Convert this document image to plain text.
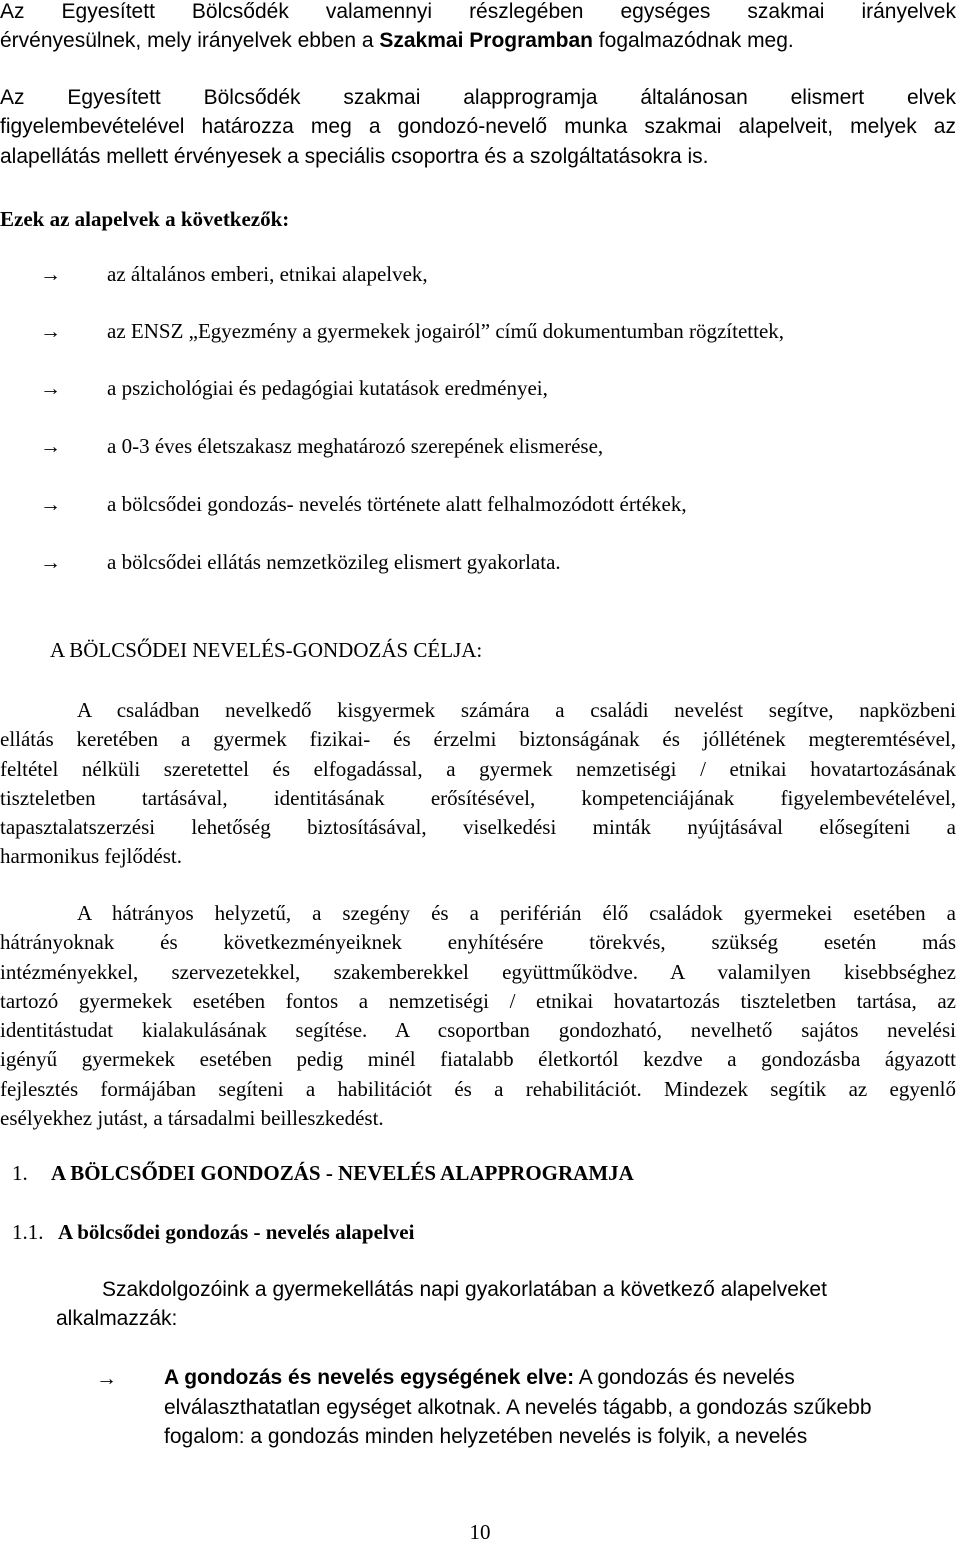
Az Egyesített Bölcsődék valamennyi részlegében egységes szakmai irányelvek
érvényesülnek, mely irányelvek ebben a Szakmai Programban fogalmazódnak meg.
Az Egyesített Bölcsődék szakmai alapprogramja általánosan elismert elvek
figyelembevételével határozza meg a gondozó-nevelő munka szakmai alapelveit, melyek az
alapellátás mellett érvényesek a speciális csoportra és a szolgáltatásokra is.
Ezek az alapelvek a következők:
→ az általános emberi, etnikai alapelvek,
→ az ENSZ „Egyezmény a gyermekek jogairól” című dokumentumban rögzítettek,
→ a pszichológiai és pedagógiai kutatások eredményei,
→ a 0-3 éves életszakasz meghatározó szerepének elismerése,
→ a bölcsődei gondozás- nevelés története alatt felhalmozódott értékek,
→ a bölcsődei ellátás nemzetközileg elismert gyakorlata.
A BÖLCSŐDEI NEVELÉS-GONDOZÁS CÉLJA:
A családban nevelkedő kisgyermek számára a családi nevelést segítve, napközbeni
ellátás keretében a gyermek fizikai- és érzelmi biztonságának és jóllétének megteremtésével,
feltétel nélküli szeretettel és elfogadással, a gyermek nemzetiségi / etnikai hovatartozásának
tiszteletben tartásával, identitásának erősítésével, kompetenciájának figyelembevételével,
tapasztalatszerzési lehetőség biztosításával, viselkedési minták nyújtásával elősegíteni a
harmonikus fejlődést.
A hátrányos helyzetű, a szegény és a periférián élő családok gyermekei esetében a
hátrányoknak és következményeiknek enyhítésére törekvés, szükség esetén más
intézményekkel, szervezetekkel, szakemberekkel együttműködve. A valamilyen kisebbséghez
tartozó gyermekek esetében fontos a nemzetiségi / etnikai hovatartozás tiszteletben tartása, az
identitástudat kialakulásának segítése. A csoportban gondozható, nevelhető sajátos nevelési
igényű gyermekek esetében pedig minél fiatalabb életkortól kezdve a gondozásba ágyazott
fejlesztés formájában segíteni a habilitációt és a rehabilitációt. Mindezek segítik az egyenlő
esélyekhez jutást, a társadalmi beilleszkedést.
1. A BÖLCSŐDEI GONDOZÁS - NEVELÉS ALAPPROGRAMJA
1.1. A bölcsődei gondozás - nevelés alapelvei
Szakdolgozóink a gyermekellátás napi gyakorlatában a következő alapelveket
alkalmazzák:
→ A gondozás és nevelés egységének elve: A gondozás és nevelés
elválaszthatatlan egységet alkotnak. A nevelés tágabb, a gondozás szűkebb
fogalom: a gondozás minden helyzetében nevelés is folyik, a nevelés
10
